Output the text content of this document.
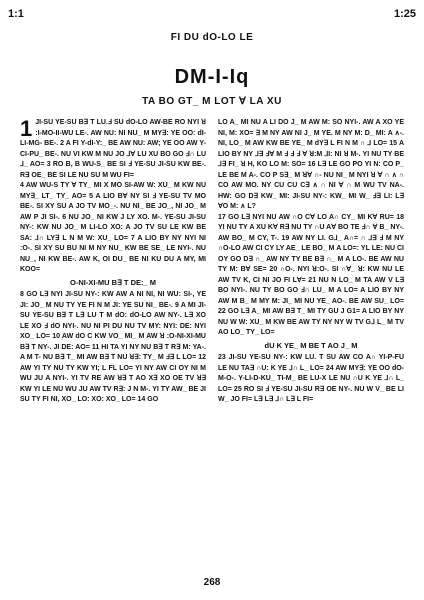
1:1	1:25
FI DU dO-LO LE
DM-I-Iq
TA BO GT_ M LOT ∀ LA XU

1 JI-SU YE-SU B∃ T LU.Ⅎ SU dO-LO AW-BE RO NYI ꓤ :I-MO-II-WU LE-. AW NU: NI NU_ M MY∃: YE OO: dI-LI-MG- BE-. 2 A FI Y-dI-Y:_ BE AW NU: AW; YE OO AW Y-CI-PU_ BE-. NU VI KW M NU JO ⅃∀ LU XU BO GO Ⅎ∩ LU ⅃_ AO= 3 RO B, B WU-S_ BE SI Ⅎ YE-SU JI-SU KW BE-. R∃ OE_ BE SI LE NU SU M WU FI=

4 AW WU-S TY ∀ TY_ MI X MO SI-AW W: XU_ M KW NU MY∃_ LT_ TY_ AO= 5 A LIO B∀ NY SI Ⅎ YE-SU TV MO BE-. SI XY SU A JO TV MO_-. NU NI_ BE JO_, NI JO_ M AW P JI SI-. 6 NU JO_ NI KW J LY XO. M-. YE-SU JI-SU NY-: KW NU JO_ M LI-LO XO: A JO TV SU LE KW BE SA: ⅃∩ LY∃ L N M W: XU_ LO= 7 A LIO BY NY NYI NI :O-. SI XY SU BU NI M NY NU_ KW BE SE_ LE NYI-. NU NU_, NI KW BE-. AW K, OI DU_ BE NI KU DU A MY, MI KOO=

O-NI-XI-MU B∃ T DE:_ M

8 GO L∃ NYI JI-SU NY-: KW AW A NI NI, NI WU: SI-, YE JI: JO_ M NU TY YE FI N M JI: YE SU NI_ BE-. 9 A MI JI-SU YE-SU B∃ T L∃ LU T M dO: dO-LO AW NY-. L∃ XO LE XO Ⅎ dO NYI-. NU NI PI DU NU TV MY: NYI: DE: NYI XO_ LO= 10 AW dO C KW VO_ MI_ M AW ꓤ :O-NI-XI-MU B∃ T NY-. JI DE: AO= 11 HI TA YI NY NU B∃ T R∃ M: YA-. A M T- NU B∃ T_ MI AW B∃ T NU ꓤ∃: TY_ M Ⅎ∃ L LO= 12 AW YI TY NU TY KW YI; L FL LO= YI NY AW CI OY NI M WU JU A NYI-. YI TV RE AW ꓤ∃ T AO X∃ XO OE TV ꓤ∃ KW YI LE NU WU JU AW TV R∃: J N M-. YI TY AW_ BE JI SU TY FI NI, XO_ LO: XO: XO_ LO= 14 GO

LO A_ MI NU A LI DO J_ M AW M: SO NYI-. AW A XO YE NI, M: XO= ∃ M NY AW NI J_ M YE. M NY M: D_ MI: A ∧-. NI, LO_ M AW KW BE YE_ M dY∃ L FI N M ∩ ⅃ LO= 15 A LIO BY NY ⅃∃ Ⅎ∀ M Ⅎ Ⅎ Ⅎ ∀ ꓤ:M ⅃I: NI ꓤ M-. YI NU TY BE ⅃∃ FI_ ꓤ H, KO LO M: SO= 16 L∃ LE GO PO YI N: CO P_ LE BE M A-. CO P S∃_ M ꓤ∀ ∩- NU NI_ M NYI ꓤ ∀ ∩ ∧ ∩ CO AW MO. NY CU CU C∃ ∧ ∩ NI ∀ ∩ M WU TV NA-. HW: GO D∃ KW_ MI: JI-SU NY-: KW_ MI W_ Ⅎ∃ LI: L∃ ∀O M: ∧ L?

17 GO L∃ NYI NU AW ∩O C∀ LO A∩ CY_ MI K∀ RU= 18 YI NU TY A XU K∀ R∃ NU TY ∩U A∀ BO TE Ⅎ∩ ∀ B_ NY-. AW BO_ M CY, T-. 19 AW NY LI. G⅃_ A∩= ∩ ⅃∃ Ⅎ M NY ∩O-LO AW CI CY LY AE_ LE BO_ M A LO=: YL LE: NU CI OY GO D∃ ∩_ AW NY TY BE B∃ ∩_ M A LO-. BE AW NU TY M: B∀ SE= 20 ∩O-. NYI ꓤ:O-. SI ∩∀_ ꓤ: KW NU LE AW TV K, CI NI JO FI L∀= 21 NU N LO_ M TA AW V L∃ BO NYI-. NU TY BO GO Ⅎ∩ LU_ M A LO= A LIO BY NY AW M B_ M MY M: JI_ MI NU YE_ AO-. BE AW SU_ LO= 22 GO L∃ A_ MI AW B∃ T_ MI TY GU J G1= A LIO BY NY NU W W: XU_ M KW BE AW TY NY NY W TV G⅃ L_ M TV AO LO_ TY_ LO=

dU K YE_ M BE T AO J_ M

23 JI-SU YE-SU NY-: KW LU. T SU AW CO A∩ YI-P-FU LE NU TA∃ ∩U: K YE ⅃∩ L_ LO= 24 AW MY∃: YE OO dO- M-O-. Y-LI-D-KU_ TI-M_ BE LU-X LE NU ∩U K YE ⅃∩ L_ LO= 25 RO SI Ⅎ YE-SU JI-SU R∃ OE NY-. NU W V_ BE LI W_ JO FI= L∃ L∃ ⅃∩ L∃ L FI=

268
